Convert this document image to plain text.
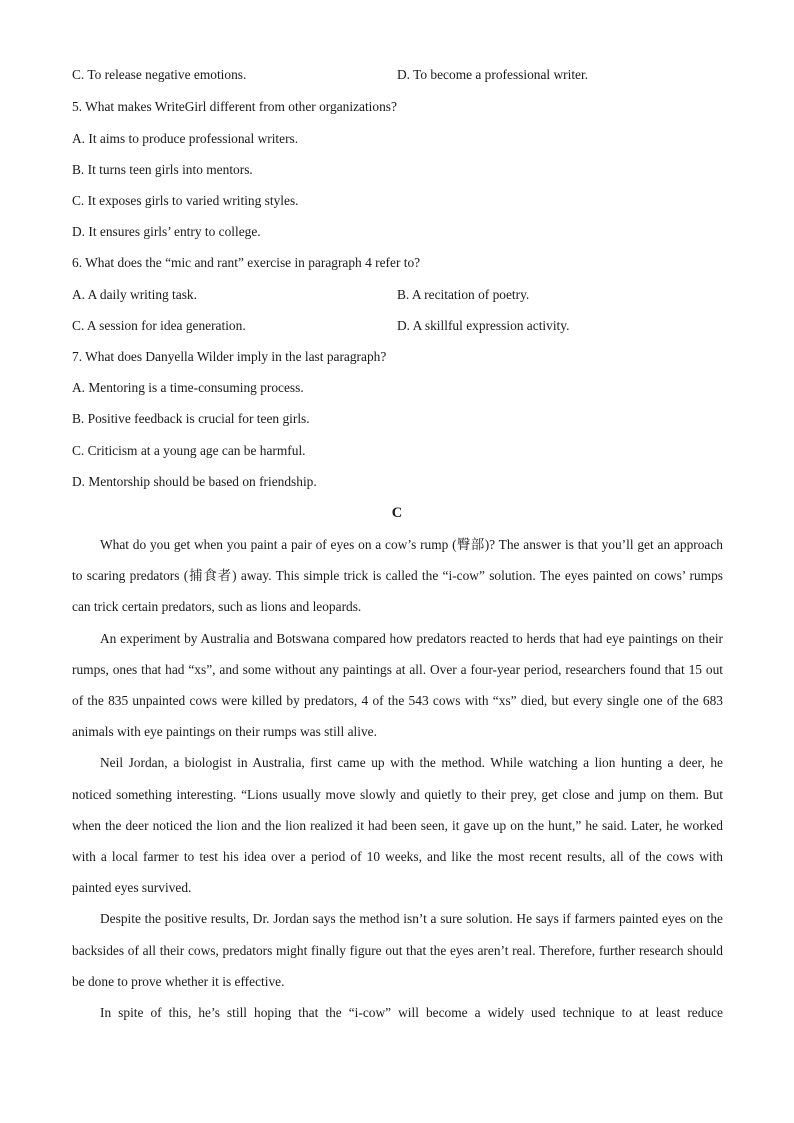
C. To release negative emotions.	D. To become a professional writer.
5. What makes WriteGirl different from other organizations?
A. It aims to produce professional writers.
B. It turns teen girls into mentors.
C. It exposes girls to varied writing styles.
D. It ensures girls’ entry to college.
6. What does the “mic and rant” exercise in paragraph 4 refer to?
A. A daily writing task.	B. A recitation of poetry.
C. A session for idea generation.	D. A skillful expression activity.
7. What does Danyella Wilder imply in the last paragraph?
A. Mentoring is a time-consuming process.
B. Positive feedback is crucial for teen girls.
C. Criticism at a young age can be harmful.
D. Mentorship should be based on friendship.
C

What do you get when you paint a pair of eyes on a cow’s rump (臀部)? The answer is that you’ll get an approach to scaring predators (捕食者) away. This simple trick is called the “i-cow” solution. The eyes painted on cows’ rumps can trick certain predators, such as lions and leopards.

An experiment by Australia and Botswana compared how predators reacted to herds that had eye paintings on their rumps, ones that had “xs”, and some without any paintings at all. Over a four-year period, researchers found that 15 out of the 835 unpainted cows were killed by predators, 4 of the 543 cows with “xs” died, but every single one of the 683 animals with eye paintings on their rumps was still alive.

Neil Jordan, a biologist in Australia, first came up with the method. While watching a lion hunting a deer, he noticed something interesting. “Lions usually move slowly and quietly to their prey, get close and jump on them. But when the deer noticed the lion and the lion realized it had been seen, it gave up on the hunt,” he said. Later, he worked with a local farmer to test his idea over a period of 10 weeks, and like the most recent results, all of the cows with painted eyes survived.

Despite the positive results, Dr. Jordan says the method isn’t a sure solution. He says if farmers painted eyes on the backsides of all their cows, predators might finally figure out that the eyes aren’t real. Therefore, further research should be done to prove whether it is effective.

In spite of this, he’s still hoping that the “i-cow” will become a widely used technique to at least reduce
